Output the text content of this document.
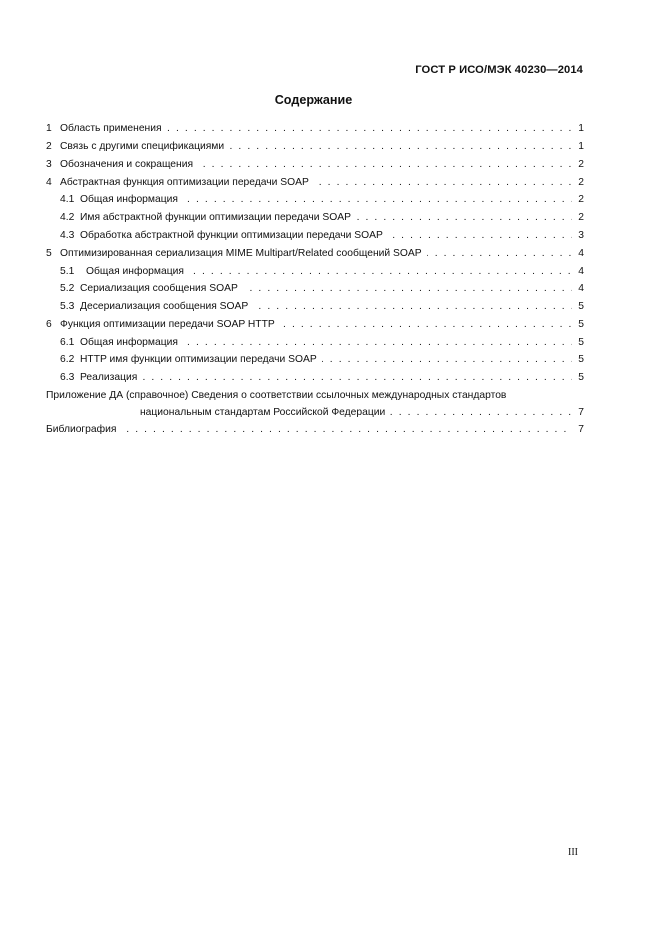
ГОСТ Р ИСО/МЭК 40230—2014
Содержание
1 Область применения . . .	1
2 Связь с другими спецификациями . . .	1
3 Обозначения и сокращения . . .	2
4 Абстрактная функция оптимизации передачи SOAP . . .	2
4.1 Общая информация . . .	2
4.2 Имя абстрактной функции оптимизации передачи SOAP . . .	2
4.3 Обработка абстрактной функции оптимизации передачи SOAP . . .	3
5 Оптимизированная сериализация MIME Multipart/Related сообщений SOAP . . .	4
5.1 Общая информация . . .	4
5.2 Сериализация сообщения SOAP . . .	4
5.3 Десериализация сообщения SOAP . . .	5
6 Функция оптимизации передачи SOAP HTTP . . .	5
6.1 Общая информация . . .	5
6.2 HTTP имя функции оптимизации передачи SOAP . . .	5
6.3 Реализация . . .	5
Приложение ДА (справочное) Сведения о соответствии ссылочных международных стандартов
национальным стандартам Российской Федерации . . .	7
Библиография . . .	7
III
